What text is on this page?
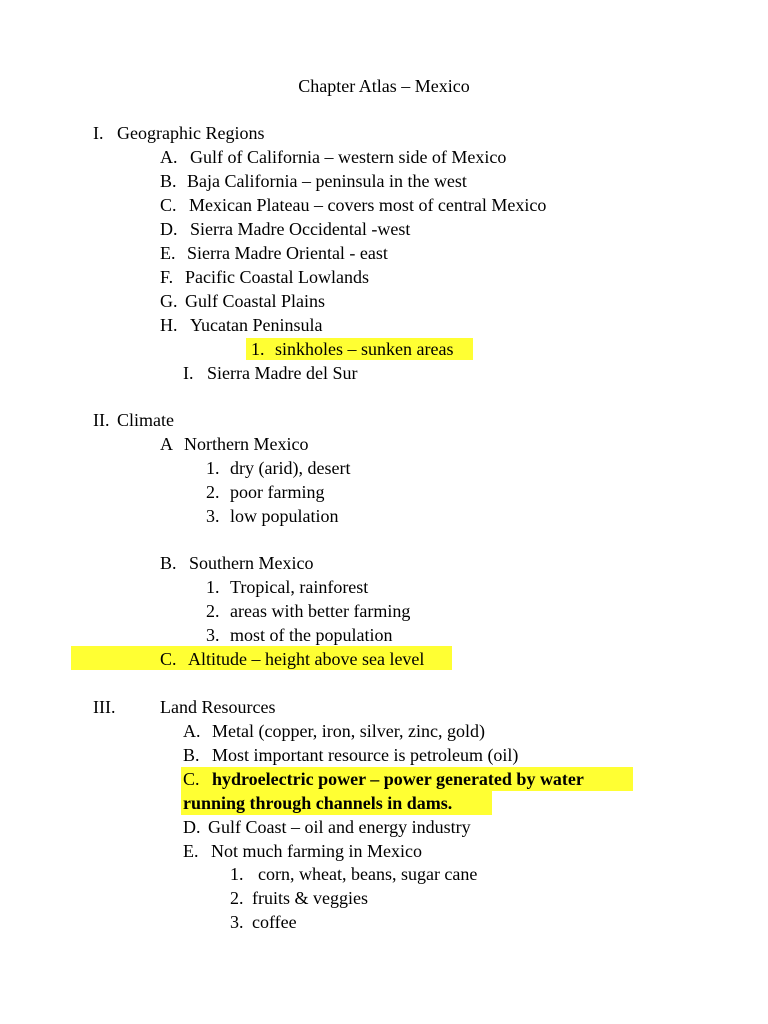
Chapter Atlas – Mexico
I. Geographic Regions
A. Gulf of California – western side of Mexico
B. Baja California – peninsula in the west
C. Mexican Plateau – covers most of central Mexico
D. Sierra Madre Occidental -west
E. Sierra Madre Oriental - east
F. Pacific Coastal Lowlands
G. Gulf Coastal Plains
H. Yucatan Peninsula
1. sinkholes – sunken areas
I. Sierra Madre del Sur
II. Climate
A Northern Mexico
1. dry (arid), desert
2. poor farming
3. low population
B. Southern Mexico
1. Tropical, rainforest
2. areas with better farming
3. most of the population
C. Altitude – height above sea level
III. Land Resources
A. Metal (copper, iron, silver, zinc, gold)
B. Most important resource is petroleum (oil)
C. hydroelectric power – power generated by water
running through channels in dams.
D. Gulf Coast – oil and energy industry
E. Not much farming in Mexico
1. corn, wheat, beans, sugar cane
2. fruits & veggies
3. coffee
